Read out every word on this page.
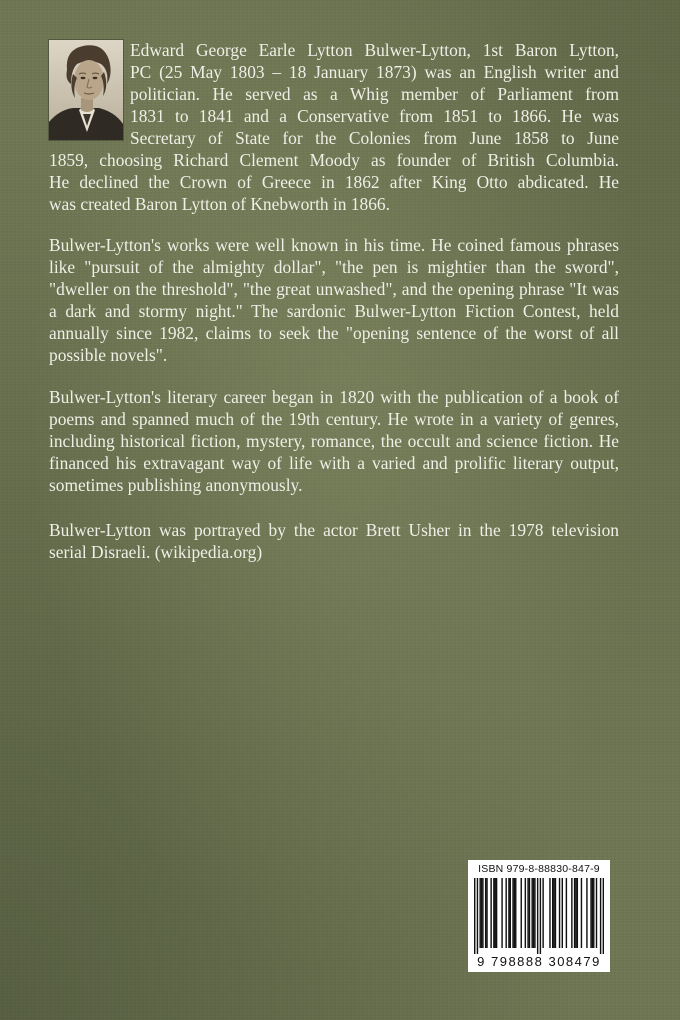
Edward George Earle Lytton Bulwer-Lytton, 1st Baron Lytton,
PC (25 May 1803 – 18 January 1873) was an English writer and
politician. He served as a Whig member of Parliament from
1831 to 1841 and a Conservative from 1851 to 1866. He was
Secretary of State for the Colonies from June 1858 to June
1859, choosing Richard Clement Moody as founder of British Columbia.
He declined the Crown of Greece in 1862 after King Otto abdicated. He
was created Baron Lytton of Knebworth in 1866.

Bulwer-Lytton's works were well known in his time. He coined famous phrases like "pursuit of the almighty dollar", "the pen is mightier than the sword", "dweller on the threshold", "the great unwashed", and the opening phrase "It was a dark and stormy night." The sardonic Bulwer-Lytton Fiction Contest, held annually since 1982, claims to seek the "opening sentence of the worst of all possible novels".

Bulwer-Lytton's literary career began in 1820 with the publication of a book of poems and spanned much of the 19th century. He wrote in a variety of genres, including historical fiction, mystery, romance, the occult and science fiction. He financed his extravagant way of life with a varied and prolific literary output, sometimes publishing anonymously.

Bulwer-Lytton was portrayed by the actor Brett Usher in the 1978 television serial Disraeli. (wikipedia.org)

ISBN 979-8-88830-847-9
9 798888 308479
